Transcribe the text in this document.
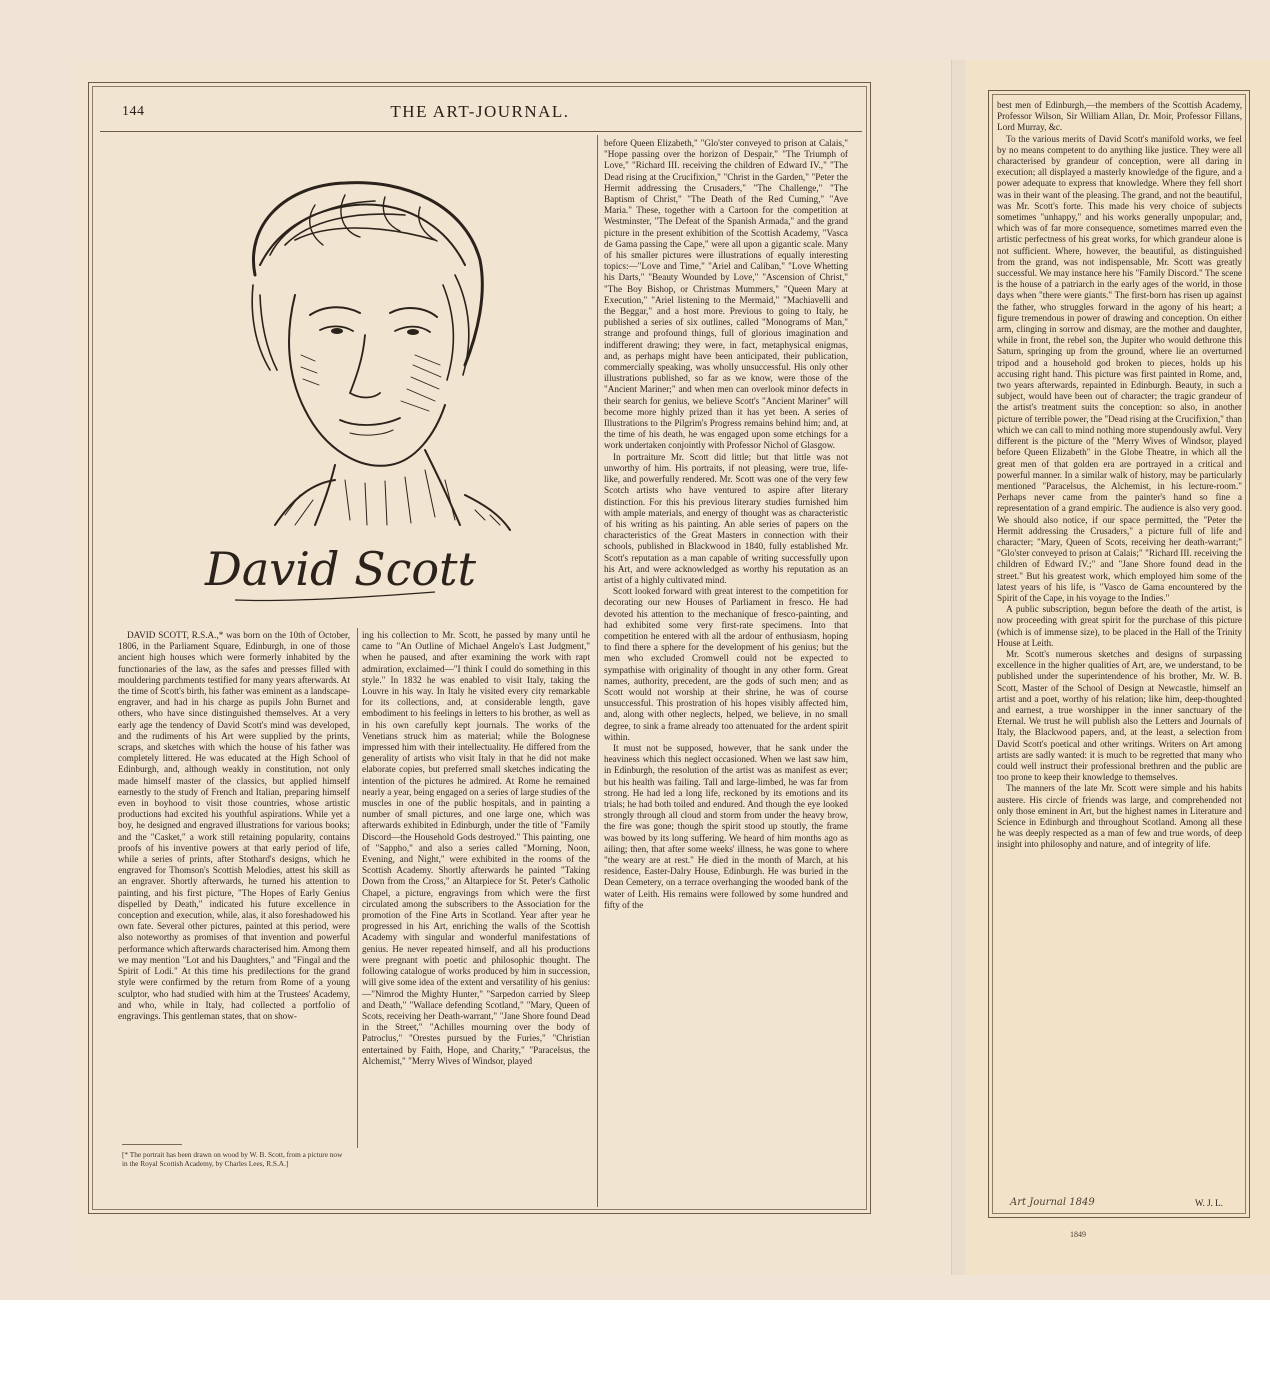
144	THE ART-JOURNAL.
David Scott

DAVID SCOTT, R.S.A.,* was born on the 10th of October, 1806, in the Parliament Square, Edinburgh, in one of those ancient high houses which were formerly inhabited by the functionaries of the law, as the safes and presses filled with mouldering parchments testified for many years afterwards. At the time of Scott's birth, his father was eminent as a landscape-engraver, and had in his charge as pupils John Burnet and others, who have since distinguished themselves. At a very early age the tendency of David Scott's mind was developed, and the rudiments of his Art were supplied by the prints, scraps, and sketches with which the house of his father was completely littered. He was educated at the High School of Edinburgh, and, although weakly in constitution, not only made himself master of the classics, but applied himself earnestly to the study of French and Italian, preparing himself even in boyhood to visit those countries, whose artistic productions had excited his youthful aspirations. While yet a boy, he designed and engraved illustrations for various books; and the "Casket," a work still retaining popularity, contains proofs of his inventive powers at that early period of life, while a series of prints, after Stothard's designs, which he engraved for Thomson's Scottish Melodies, attest his skill as an engraver. Shortly afterwards, he turned his attention to painting, and his first picture, "The Hopes of Early Genius dispelled by Death," indicated his future excellence in conception and execution, while, alas, it also foreshadowed his own fate. Several other pictures, painted at this period, were also noteworthy as promises of that invention and powerful performance which afterwards characterised him. Among them we may mention "Lot and his Daughters," and "Fingal and the Spirit of Lodi." At this time his predilections for the grand style were confirmed by the return from Rome of a young sculptor, who had studied with him at the Trustees' Academy, and who, while in Italy, had collected a portfolio of engravings. This gentleman states, that on show-

ing his collection to Mr. Scott, he passed by many until he came to "An Outline of Michael Angelo's Last Judgment," when he paused, and after examining the work with rapt admiration, exclaimed—"I think I could do something in this style." In 1832 he was enabled to visit Italy, taking the Louvre in his way. In Italy he visited every city remarkable for its collections, and, at considerable length, gave embodiment to his feelings in letters to his brother, as well as in his own carefully kept journals. The works of the Venetians struck him as material; while the Bolognese impressed him with their intellectuality. He differed from the generality of artists who visit Italy in that he did not make elaborate copies, but preferred small sketches indicating the intention of the pictures he admired. At Rome he remained nearly a year, being engaged on a series of large studies of the muscles in one of the public hospitals, and in painting a number of small pictures, and one large one, which was afterwards exhibited in Edinburgh, under the title of "Family Discord—the Household Gods destroyed." This painting, one of "Sappho," and also a series called "Morning, Noon, Evening, and Night," were exhibited in the rooms of the Scottish Academy. Shortly afterwards he painted "Taking Down from the Cross," an Altarpiece for St. Peter's Catholic Chapel, a picture, engravings from which were the first circulated among the subscribers to the Association for the promotion of the Fine Arts in Scotland. Year after year he progressed in his Art, enriching the walls of the Scottish Academy with singular and wonderful manifestations of genius. He never repeated himself, and all his productions were pregnant with poetic and philosophic thought. The following catalogue of works produced by him in succession, will give some idea of the extent and versatility of his genius:—"Nimrod the Mighty Hunter," "Sarpedon carried by Sleep and Death," "Wallace defending Scotland," "Mary, Queen of Scots, receiving her Death-warrant," "Jane Shore found Dead in the Street," "Achilles mourning over the body of Patroclus," "Orestes pursued by the Furies," "Christian entertained by Faith, Hope, and Charity," "Paracelsus, the Alchemist," "Merry Wives of Windsor, played

before Queen Elizabeth," "Glo'ster conveyed to prison at Calais," "Hope passing over the horizon of Despair," "The Triumph of Love," "Richard III. receiving the children of Edward IV.," "The Dead rising at the Crucifixion," "Christ in the Garden," "Peter the Hermit addressing the Crusaders," "The Challenge," "The Baptism of Christ," "The Death of the Red Cuming," "Ave Maria." These, together with a Cartoon for the competition at Westminster, "The Defeat of the Spanish Armada," and the grand picture in the present exhibition of the Scottish Academy, "Vasca de Gama passing the Cape," were all upon a gigantic scale. Many of his smaller pictures were illustrations of equally interesting topics:—"Love and Time," "Ariel and Caliban," "Love Whetting his Darts," "Beauty Wounded by Love," "Ascension of Christ," "The Boy Bishop, or Christmas Mummers," "Queen Mary at Execution," "Ariel listening to the Mermaid," "Machiavelli and the Beggar," and a host more. Previous to going to Italy, he published a series of six outlines, called "Monograms of Man," strange and profound things, full of glorious imagination and indifferent drawing; they were, in fact, metaphysical enigmas, and, as perhaps might have been anticipated, their publication, commercially speaking, was wholly unsuccessful. His only other illustrations published, so far as we know, were those of the "Ancient Mariner;" and when men can overlook minor defects in their search for genius, we believe Scott's "Ancient Mariner" will become more highly prized than it has yet been. A series of Illustrations to the Pilgrim's Progress remains behind him; and, at the time of his death, he was engaged upon some etchings for a work undertaken conjointly with Professor Nichol of Glasgow.

In portraiture Mr. Scott did little; but that little was not unworthy of him. His portraits, if not pleasing, were true, life-like, and powerfully rendered. Mr. Scott was one of the very few Scotch artists who have ventured to aspire after literary distinction. For this his previous literary studies furnished him with ample materials, and energy of thought was as characteristic of his writing as his painting. An able series of papers on the characteristics of the Great Masters in connection with their schools, published in Blackwood in 1840, fully established Mr. Scott's reputation as a man capable of writing successfully upon his Art, and were acknowledged as worthy his reputation as an artist of a highly cultivated mind.

Scott looked forward with great interest to the competition for decorating our new Houses of Parliament in fresco. He had devoted his attention to the mechanique of fresco-painting, and had exhibited some very first-rate specimens. Into that competition he entered with all the ardour of enthusiasm, hoping to find there a sphere for the development of his genius; but the men who excluded Cromwell could not be expected to sympathise with originality of thought in any other form. Great names, authority, precedent, are the gods of such men; and as Scott would not worship at their shrine, he was of course unsuccessful. This prostration of his hopes visibly affected him, and, along with other neglects, helped, we believe, in no small degree, to sink a frame already too attenuated for the ardent spirit within.

It must not be supposed, however, that he sank under the heaviness which this neglect occasioned. When we last saw him, in Edinburgh, the resolution of the artist was as manifest as ever; but his health was failing. Tall and large-limbed, he was far from strong. He had led a long life, reckoned by its emotions and its trials; he had both toiled and endured. And though the eye looked strongly through all cloud and storm from under the heavy brow, the fire was gone; though the spirit stood up stoutly, the frame was bowed by its long suffering. We heard of him months ago as ailing; then, that after some weeks' illness, he was gone to where "the weary are at rest." He died in the month of March, at his residence, Easter-Dalry House, Edinburgh. He was buried in the Dean Cemetery, on a terrace overhanging the wooded bank of the water of Leith. His remains were followed by some hundred and fifty of the

[* The portrait has been drawn on wood by W. B. Scott, from a picture now in the Royal Scottish Academy, by Charles Lees, R.S.A.]

best men of Edinburgh,—the members of the Scottish Academy, Professor Wilson, Sir William Allan, Dr. Moir, Professor Fillans, Lord Murray, &c.

To the various merits of David Scott's manifold works, we feel by no means competent to do anything like justice. They were all characterised by grandeur of conception, were all daring in execution; all displayed a masterly knowledge of the figure, and a power adequate to express that knowledge. Where they fell short was in their want of the pleasing. The grand, and not the beautiful, was Mr. Scott's forte. This made his very choice of subjects sometimes "unhappy," and his works generally unpopular; and, which was of far more consequence, sometimes marred even the artistic perfectness of his great works, for which grandeur alone is not sufficient. Where, however, the beautiful, as distinguished from the grand, was not indispensable, Mr. Scott was greatly successful. We may instance here his "Family Discord." The scene is the house of a patriarch in the early ages of the world, in those days when "there were giants." The first-born has risen up against the father, who struggles forward in the agony of his heart; a figure tremendous in power of drawing and conception. On either arm, clinging in sorrow and dismay, are the mother and daughter, while in front, the rebel son, the Jupiter who would dethrone this Saturn, springing up from the ground, where lie an overturned tripod and a household god broken to pieces, holds up his accusing right hand. This picture was first painted in Rome, and, two years afterwards, repainted in Edinburgh. Beauty, in such a subject, would have been out of character; the tragic grandeur of the artist's treatment suits the conception: so also, in another picture of terrible power, the "Dead rising at the Crucifixion," than which we can call to mind nothing more stupendously awful. Very different is the picture of the "Merry Wives of Windsor, played before Queen Elizabeth" in the Globe Theatre, in which all the great men of that golden era are portrayed in a critical and powerful manner. In a similar walk of history, may be particularly mentioned "Paracelsus, the Alchemist, in his lecture-room." Perhaps never came from the painter's hand so fine a representation of a grand empiric. The audience is also very good. We should also notice, if our space permitted, the "Peter the Hermit addressing the Crusaders," a picture full of life and character; "Mary, Queen of Scots, receiving her death-warrant;" "Glo'ster conveyed to prison at Calais;" "Richard III. receiving the children of Edward IV.;" and "Jane Shore found dead in the street." But his greatest work, which employed him some of the latest years of his life, is "Vasco de Gama encountered by the Spirit of the Cape, in his voyage to the Indies."

A public subscription, begun before the death of the artist, is now proceeding with great spirit for the purchase of this picture (which is of immense size), to be placed in the Hall of the Trinity House at Leith.

Mr. Scott's numerous sketches and designs of surpassing excellence in the higher qualities of Art, are, we understand, to be published under the superintendence of his brother, Mr. W. B. Scott, Master of the School of Design at Newcastle, himself an artist and a poet, worthy of his relation; like him, deep-thoughted and earnest, a true worshipper in the inner sanctuary of the Eternal. We trust he will publish also the Letters and Journals of Italy, the Blackwood papers, and, at the least, a selection from David Scott's poetical and other writings. Writers on Art among artists are sadly wanted: it is much to be regretted that many who could well instruct their professional brethren and the public are too prone to keep their knowledge to themselves.

The manners of the late Mr. Scott were simple and his habits austere. His circle of friends was large, and comprehended not only those eminent in Art, but the highest names in Literature and Science in Edinburgh and throughout Scotland. Among all these he was deeply respected as a man of few and true words, of deep insight into philosophy and nature, and of integrity of life.

Art Journal 1849	W. J. L.
1849
